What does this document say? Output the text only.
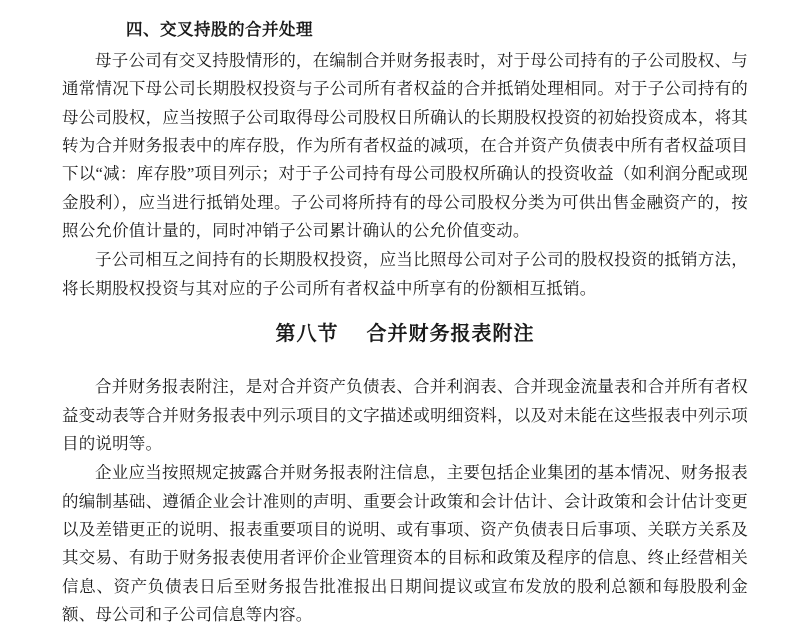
四、交叉持股的合并处理

母子公司有交叉持股情形的，在编制合并财务报表时，对于母公司持有的子公司股权、与通常情况下母公司长期股权投资与子公司所有者权益的合并抵销处理相同。对于子公司持有的母公司股权，应当按照子公司取得母公司股权日所确认的长期股权投资的初始投资成本，将其转为合并财务报表中的库存股，作为所有者权益的减项，在合并资产负债表中所有者权益项目下以“减：库存股”项目列示；对于子公司持有母公司股权所确认的投资收益（如利润分配或现金股利），应当进行抵销处理。子公司将所持有的母公司股权分类为可供出售金融资产的，按照公允价值计量的，同时冲销子公司累计确认的公允价值变动。

子公司相互之间持有的长期股权投资，应当比照母公司对子公司的股权投资的抵销方法，将长期股权投资与其对应的子公司所有者权益中所享有的份额相互抵销。

第八节 合并财务报表附注

合并财务报表附注，是对合并资产负债表、合并利润表、合并现金流量表和合并所有者权益变动表等合并财务报表中列示项目的文字描述或明细资料，以及对未能在这些报表中列示项目的说明等。

企业应当按照规定披露合并财务报表附注信息，主要包括企业集团的基本情况、财务报表的编制基础、遵循企业会计准则的声明、重要会计政策和会计估计、会计政策和会计估计变更以及差错更正的说明、报表重要项目的说明、或有事项、资产负债表日后事项、关联方关系及其交易、有助于财务报表使用者评价企业管理资本的目标和政策及程序的信息、终止经营相关信息、资产负债表日后至财务报告批准报出日期间提议或宣布发放的股利总额和每股股利金额、母公司和子公司信息等内容。
